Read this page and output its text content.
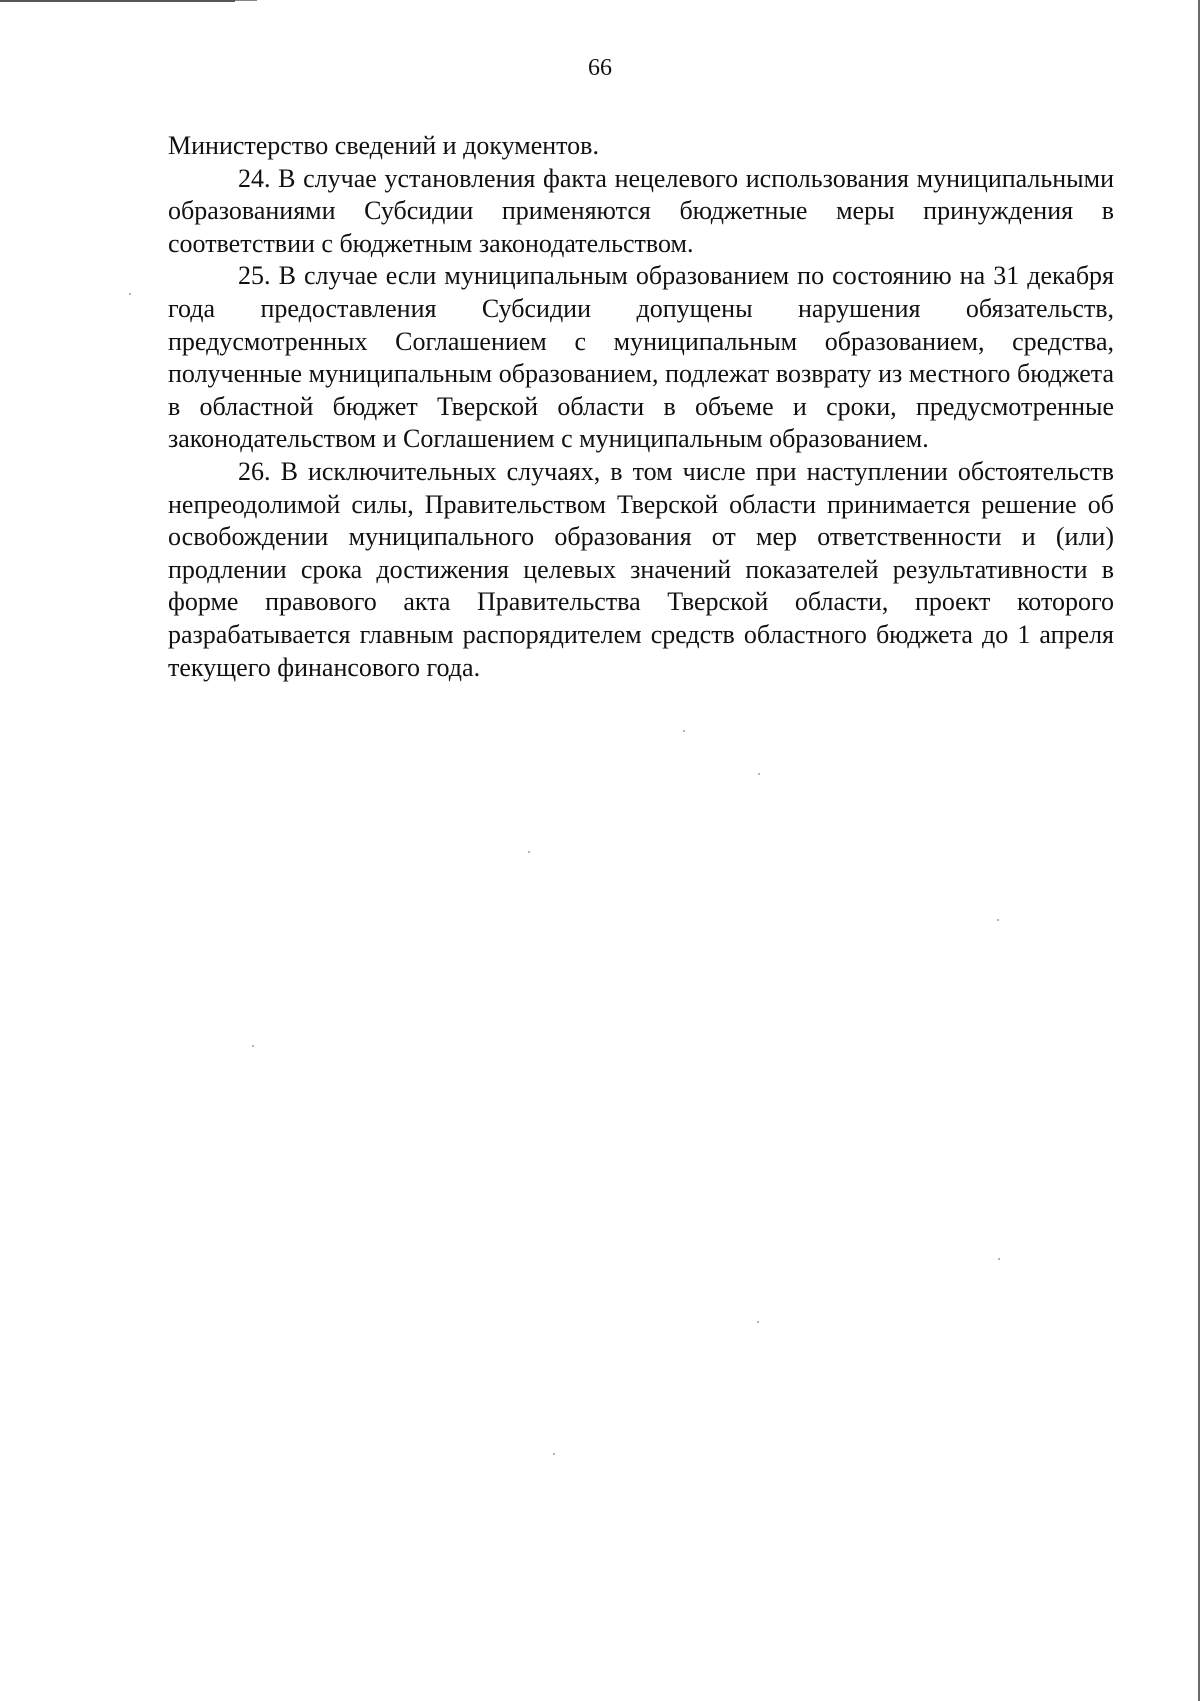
66

Министерство сведений и документов.

24. В случае установления факта нецелевого использования муниципальными образованиями Субсидии применяются бюджетные меры принуждения в соответствии с бюджетным законодательством.

25. В случае если муниципальным образованием по состоянию на 31 декабря года предоставления Субсидии допущены нарушения обязательств, предусмотренных Соглашением с муниципальным образованием, средства, полученные муниципальным образованием, подлежат возврату из местного бюджета в областной бюджет Тверской области в объеме и сроки, предусмотренные законодательством и Соглашением с муниципальным образованием.

26. В исключительных случаях, в том числе при наступлении обстоятельств непреодолимой силы, Правительством Тверской области принимается решение об освобождении муниципального образования от мер ответственности и (или) продлении срока достижения целевых значений показателей результативности в форме правового акта Правительства Тверской области, проект которого разрабатывается главным распорядителем средств областного бюджета до 1 апреля текущего финансового года.
